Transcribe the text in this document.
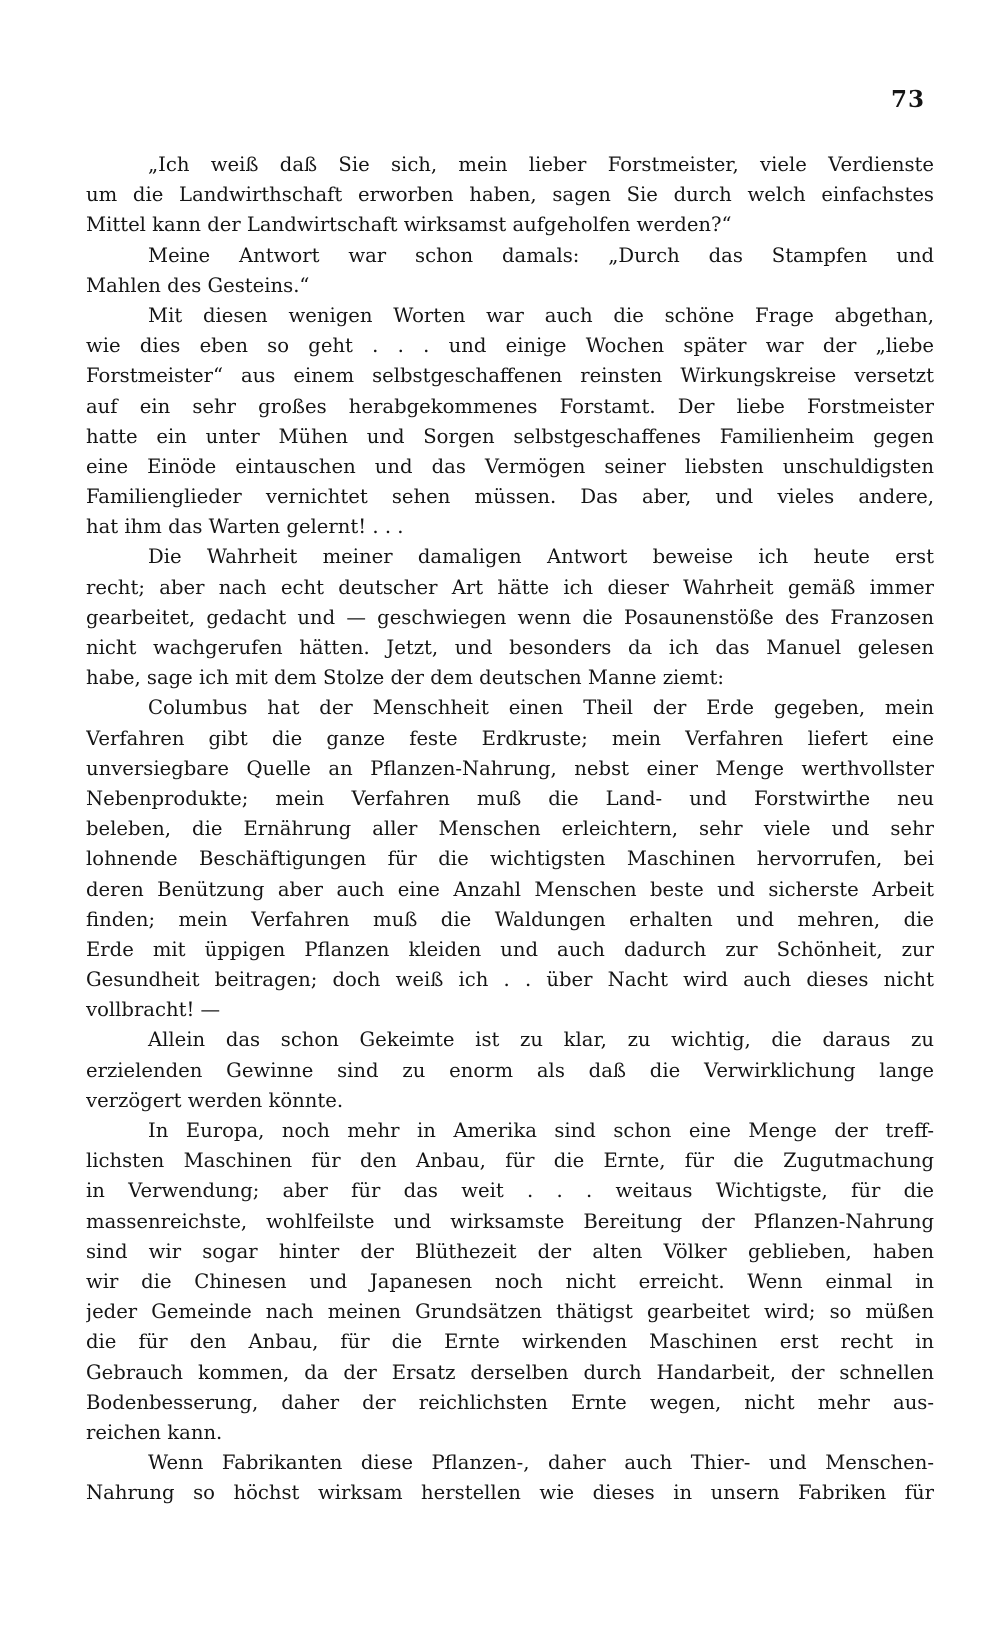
73
„Ich weiß daß Sie sich, mein lieber Forstmeister, viele Verdienste
um die Landwirthschaft erworben haben, sagen Sie durch welch einfachstes
Mittel kann der Landwirtschaft wirksamst aufgeholfen werden?“
Meine Antwort war schon damals: „Durch das Stampfen und
Mahlen des Gesteins.“
Mit diesen wenigen Worten war auch die schöne Frage abgethan,
wie dies eben so geht . . . und einige Wochen später war der „liebe
Forstmeister“ aus einem selbstgeschaffenen reinsten Wirkungskreise versetzt
auf ein sehr großes herabgekommenes Forstamt. Der liebe Forstmeister
hatte ein unter Mühen und Sorgen selbstgeschaffenes Familienheim gegen
eine Einöde eintauschen und das Vermögen seiner liebsten unschuldigsten
Familienglieder vernichtet sehen müssen. Das aber, und vieles andere,
hat ihm das Warten gelernt! . . .
Die Wahrheit meiner damaligen Antwort beweise ich heute erst
recht; aber nach echt deutscher Art hätte ich dieser Wahrheit gemäß immer
gearbeitet, gedacht und — geschwiegen wenn die Posaunenstöße des Franzosen
nicht wachgerufen hätten. Jetzt, und besonders da ich das Manuel gelesen
habe, sage ich mit dem Stolze der dem deutschen Manne ziemt:
Columbus hat der Menschheit einen Theil der Erde gegeben, mein
Verfahren gibt die ganze feste Erdkruste; mein Verfahren liefert eine
unversiegbare Quelle an Pflanzen-Nahrung, nebst einer Menge werthvollster
Nebenprodukte; mein Verfahren muß die Land- und Forstwirthe neu
beleben, die Ernährung aller Menschen erleichtern, sehr viele und sehr
lohnende Beschäftigungen für die wichtigsten Maschinen hervorrufen, bei
deren Benützung aber auch eine Anzahl Menschen beste und sicherste Arbeit
finden; mein Verfahren muß die Waldungen erhalten und mehren, die
Erde mit üppigen Pflanzen kleiden und auch dadurch zur Schönheit, zur
Gesundheit beitragen; doch weiß ich . . über Nacht wird auch dieses nicht
vollbracht! —
Allein das schon Gekeimte ist zu klar, zu wichtig, die daraus zu
erzielenden Gewinne sind zu enorm als daß die Verwirklichung lange
verzögert werden könnte.
In Europa, noch mehr in Amerika sind schon eine Menge der treff-
lichsten Maschinen für den Anbau, für die Ernte, für die Zugutmachung
in Verwendung; aber für das weit . . . weitaus Wichtigste, für die
massenreichste, wohlfeilste und wirksamste Bereitung der Pflanzen-Nahrung
sind wir sogar hinter der Blüthezeit der alten Völker geblieben, haben
wir die Chinesen und Japanesen noch nicht erreicht. Wenn einmal in
jeder Gemeinde nach meinen Grundsätzen thätigst gearbeitet wird; so müßen
die für den Anbau, für die Ernte wirkenden Maschinen erst recht in
Gebrauch kommen, da der Ersatz derselben durch Handarbeit, der schnellen
Bodenbesserung, daher der reichlichsten Ernte wegen, nicht mehr aus-
reichen kann.
Wenn Fabrikanten diese Pflanzen-, daher auch Thier- und Menschen-
Nahrung so höchst wirksam herstellen wie dieses in unsern Fabriken für
